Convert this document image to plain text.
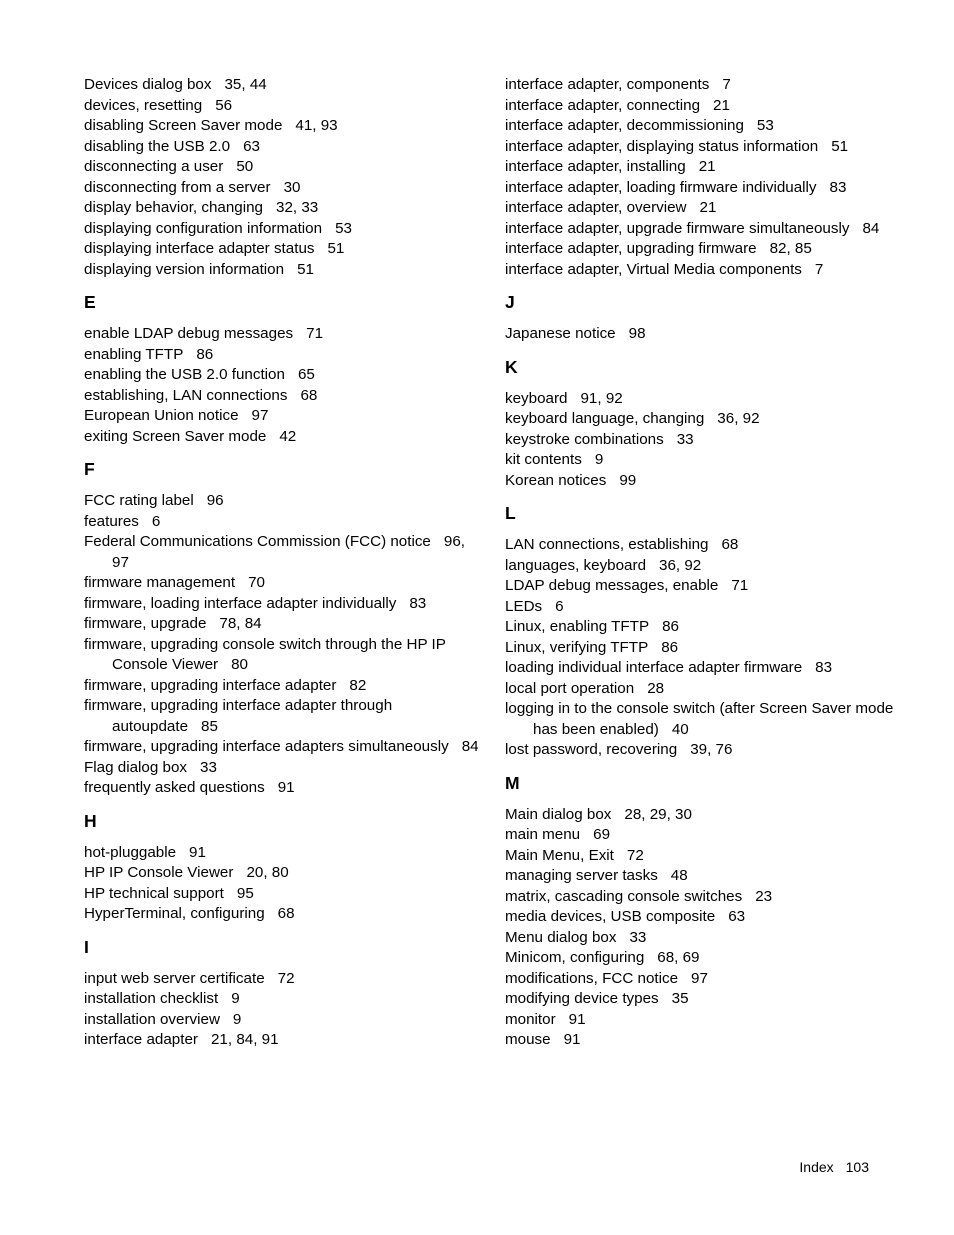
Devices dialog box 35, 44
devices, resetting 56
disabling Screen Saver mode 41, 93
disabling the USB 2.0 63
disconnecting a user 50
disconnecting from a server 30
display behavior, changing 32, 33
displaying configuration information 53
displaying interface adapter status 51
displaying version information 51
E
enable LDAP debug messages 71
enabling TFTP 86
enabling the USB 2.0 function 65
establishing, LAN connections 68
European Union notice 97
exiting Screen Saver mode 42
F
FCC rating label 96
features 6
Federal Communications Commission (FCC) notice 96, 97
firmware management 70
firmware, loading interface adapter individually 83
firmware, upgrade 78, 84
firmware, upgrading console switch through the HP IP Console Viewer 80
firmware, upgrading interface adapter 82
firmware, upgrading interface adapter through autoupdate 85
firmware, upgrading interface adapters simultaneously 84
Flag dialog box 33
frequently asked questions 91
H
hot-pluggable 91
HP IP Console Viewer 20, 80
HP technical support 95
HyperTerminal, configuring 68
I
input web server certificate 72
installation checklist 9
installation overview 9
interface adapter 21, 84, 91
interface adapter, components 7
interface adapter, connecting 21
interface adapter, decommissioning 53
interface adapter, displaying status information 51
interface adapter, installing 21
interface adapter, loading firmware individually 83
interface adapter, overview 21
interface adapter, upgrade firmware simultaneously 84
interface adapter, upgrading firmware 82, 85
interface adapter, Virtual Media components 7
J
Japanese notice 98
K
keyboard 91, 92
keyboard language, changing 36, 92
keystroke combinations 33
kit contents 9
Korean notices 99
L
LAN connections, establishing 68
languages, keyboard 36, 92
LDAP debug messages, enable 71
LEDs 6
Linux, enabling TFTP 86
Linux, verifying TFTP 86
loading individual interface adapter firmware 83
local port operation 28
logging in to the console switch (after Screen Saver mode has been enabled) 40
lost password, recovering 39, 76
M
Main dialog box 28, 29, 30
main menu 69
Main Menu, Exit 72
managing server tasks 48
matrix, cascading console switches 23
media devices, USB composite 63
Menu dialog box 33
Minicom, configuring 68, 69
modifications, FCC notice 97
modifying device types 35
monitor 91
mouse 91
Index 103
